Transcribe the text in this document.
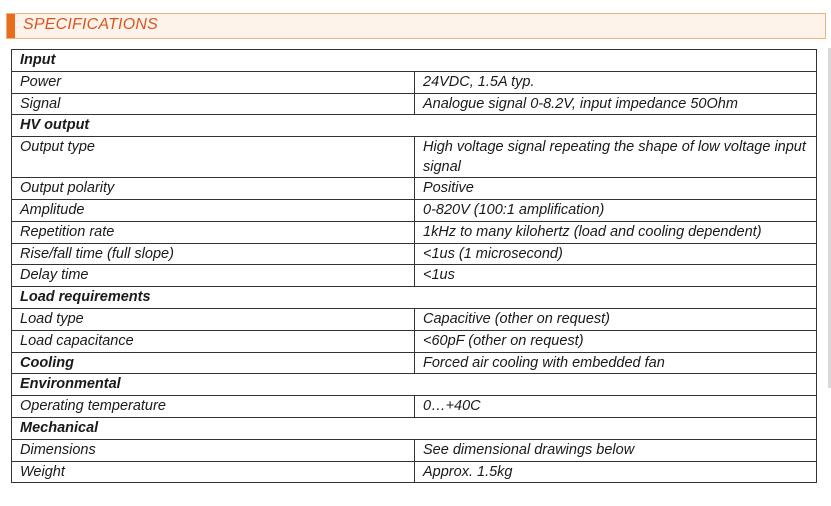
SPECIFICATIONS
Input	
Power	24VDC, 1.5A typ.
Signal	Analogue signal 0-8.2V, input impedance 50Ohm
HV output	
Output type	High voltage signal repeating the shape of low voltage input signal
Output polarity	Positive
Amplitude	0-820V (100:1 amplification)
Repetition rate	1kHz to many kilohertz (load and cooling dependent)
Rise/fall time (full slope)	<1us (1 microsecond)
Delay time	<1us
Load requirements	
Load type	Capacitive (other on request)
Load capacitance	<60pF (other on request)
Cooling	Forced air cooling with embedded fan
Environmental	
Operating temperature	0…+40C
Mechanical	
Dimensions	See dimensional drawings below
Weight	Approx. 1.5kg
